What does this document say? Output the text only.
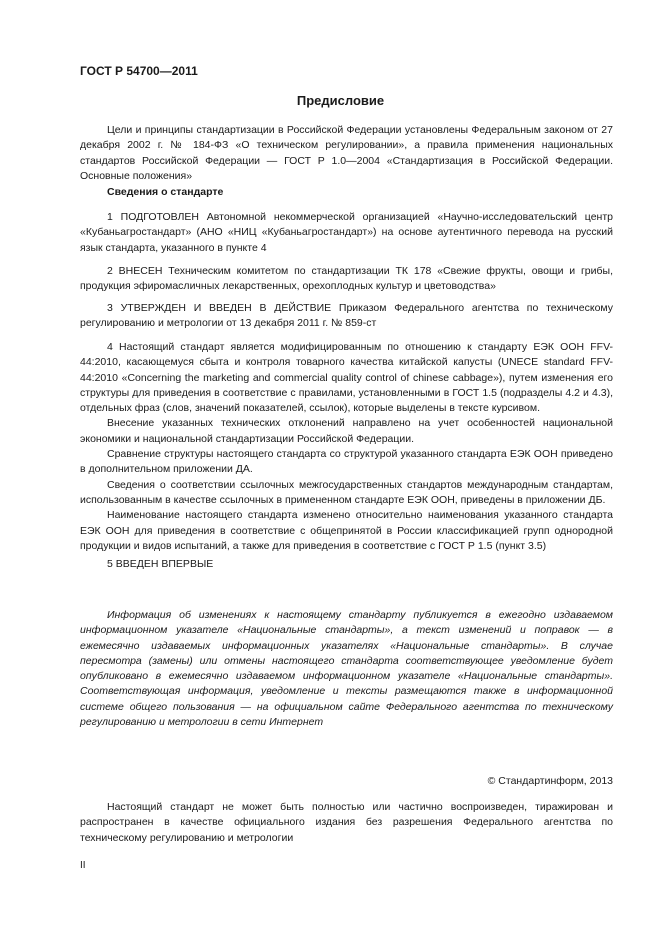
ГОСТ Р 54700—2011
Предисловие

Цели и принципы стандартизации в Российской Федерации установлены Федеральным законом от 27 декабря 2002 г. № 184-ФЗ «О техническом регулировании», а правила применения национальных стандартов Российской Федерации — ГОСТ Р 1.0—2004 «Стандартизация в Российской Федерации. Основные положения»

Сведения о стандарте

1 ПОДГОТОВЛЕН Автономной некоммерческой организацией «Научно-исследовательский центр «Кубаньагростандарт» (АНО «НИЦ «Кубаньагростандарт») на основе аутентичного перевода на русский язык стандарта, указанного в пункте 4

2 ВНЕСЕН Техническим комитетом по стандартизации ТК 178 «Свежие фрукты, овощи и грибы, продукция эфиромасличных лекарственных, орехоплодных культур и цветоводства»

3 УТВЕРЖДЕН И ВВЕДЕН В ДЕЙСТВИЕ Приказом Федерального агентства по техническому регулированию и метрологии от 13 декабря 2011 г. № 859-ст

4 Настоящий стандарт является модифицированным по отношению к стандарту ЕЭК ООН FFV-44:2010, касающемуся сбыта и контроля товарного качества китайской капусты (UNECE standard FFV-44:2010 «Concerning the marketing and commercial quality control of chinese cabbage»), путем изменения его структуры для приведения в соответствие с правилами, установленными в ГОСТ 1.5 (подразделы 4.2 и 4.3), отдельных фраз (слов, значений показателей, ссылок), которые выделены в тексте курсивом.

Внесение указанных технических отклонений направлено на учет особенностей национальной экономики и национальной стандартизации Российской Федерации.

Сравнение структуры настоящего стандарта со структурой указанного стандарта ЕЭК ООН приведено в дополнительном приложении ДА.

Сведения о соответствии ссылочных межгосударственных стандартов международным стандартам, использованным в качестве ссылочных в примененном стандарте ЕЭК ООН, приведены в приложении ДБ.

Наименование настоящего стандарта изменено относительно наименования указанного стандарта ЕЭК ООН для приведения в соответствие с общепринятой в России классификацией групп однородной продукции и видов испытаний, а также для приведения в соответствие с ГОСТ Р 1.5 (пункт 3.5)

5 ВВЕДЕН ВПЕРВЫЕ

Информация об изменениях к настоящему стандарту публикуется в ежегодно издаваемом информационном указателе «Национальные стандарты», а текст изменений и поправок — в ежемесячно издаваемых информационных указателях «Национальные стандарты». В случае пересмотра (замены) или отмены настоящего стандарта соответствующее уведомление будет опубликовано в ежемесячно издаваемом информационном указателе «Национальные стандарты». Соответствующая информация, уведомление и тексты размещаются также в информационной системе общего пользования — на официальном сайте Федерального агентства по техническому регулированию и метрологии в сети Интернет

© Стандартинформ, 2013

Настоящий стандарт не может быть полностью или частично воспроизведен, тиражирован и распространен в качестве официального издания без разрешения Федерального агентства по техническому регулированию и метрологии

II
